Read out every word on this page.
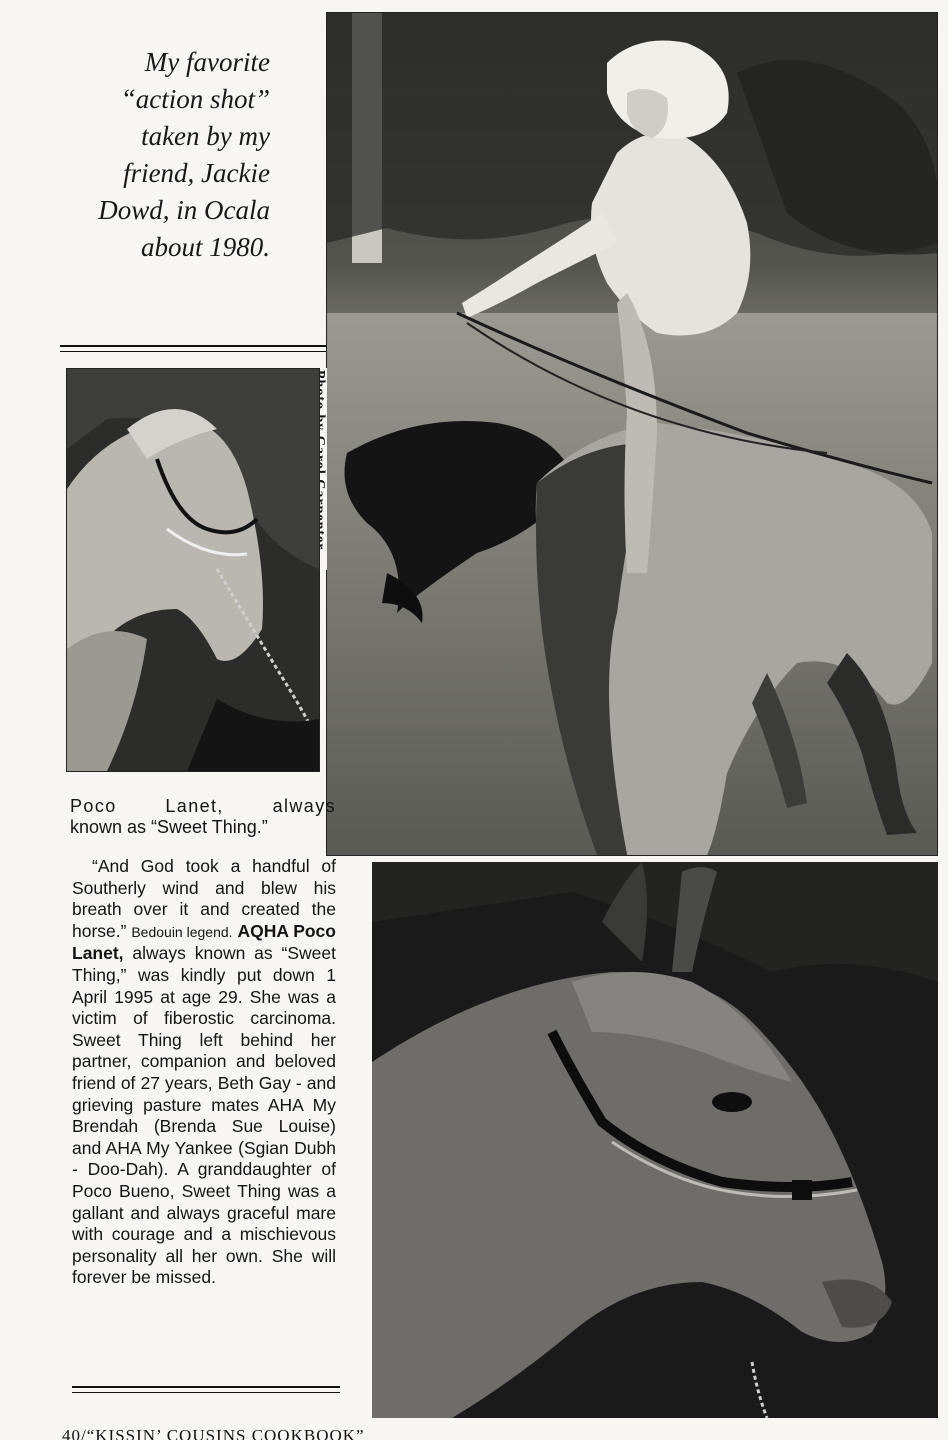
My favorite
“action shot”
taken by my
friend, Jackie
Dowd, in Ocala
about 1980.
Poco Lanet, always
known as “Sweet Thing.”

“And God took a handful of Southerly wind and blew his breath over it and created the horse.” Bedouin legend. AQHA Poco Lanet, always known as “Sweet Thing,” was kindly put down 1 April 1995 at age 29. She was a victim of fiberostic carcinoma. Sweet Thing left behind her partner, companion and beloved friend of 27 years, Beth Gay - and grieving pasture mates AHA My Brendah (Brenda Sue Louise) and AHA My Yankee (Sgian Dubh - Doo-Dah). A granddaughter of Poco Bueno, Sweet Thing was a gallant and always graceful mare with courage and a mischievous personality all her own. She will forever be missed.

40/“KISSIN’ COUSINS COOKBOOK”
